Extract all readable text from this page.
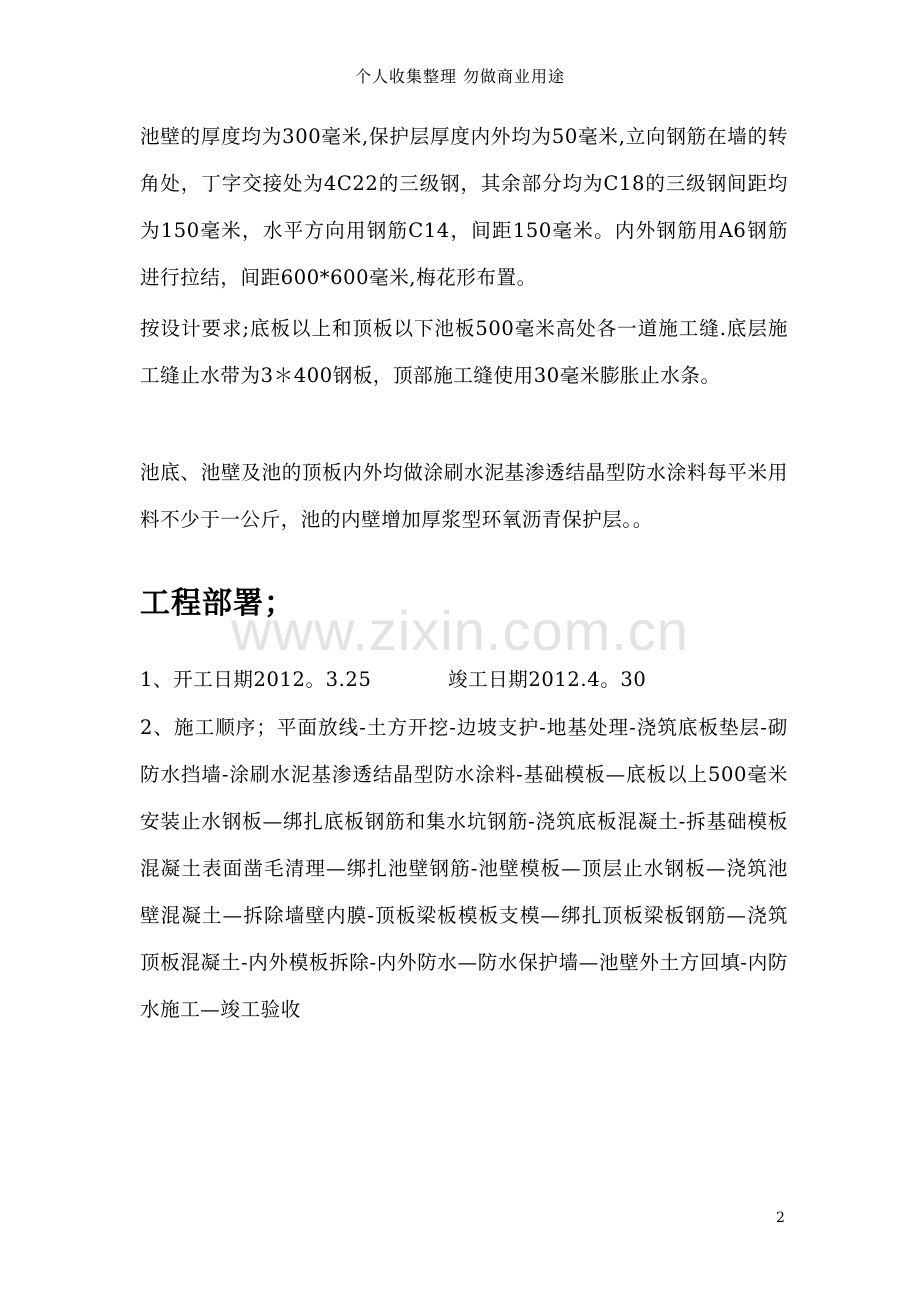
个人收集整理 勿做商业用途
池壁的厚度均为300毫米,保护层厚度内外均为50毫米,立向钢筋在墙的转角处，丁字交接处为4C22的三级钢，其余部分均为C18的三级钢间距均为150毫米，水平方向用钢筋C14，间距150毫米。内外钢筋用A6钢筋进行拉结，间距600*600毫米,梅花形布置。
按设计要求;底板以上和顶板以下池板500毫米高处各一道施工缝.底层施工缝止水带为3＊400钢板，顶部施工缝使用30毫米膨胀止水条。
池底、池壁及池的顶板内外均做涂刷水泥基渗透结晶型防水涂料每平米用料不少于一公斤，池的内壁增加厚浆型环氧沥青保护层。。
www.zixin.com.cn
工程部署；
1、开工日期2012。3.25	竣工日期2012.4。30
2、施工顺序；平面放线-土方开挖-边坡支护-地基处理-浇筑底板垫层-砌防水挡墙-涂刷水泥基渗透结晶型防水涂料-基础模板—底板以上500毫米安装止水钢板—绑扎底板钢筋和集水坑钢筋-浇筑底板混凝土-拆基础模板混凝土表面凿毛清理—绑扎池壁钢筋-池壁模板—顶层止水钢板—浇筑池壁混凝土—拆除墙壁内膜-顶板梁板模板支模—绑扎顶板梁板钢筋—浇筑顶板混凝土-内外模板拆除-内外防水—防水保护墙—池壁外土方回填-内防水施工—竣工验收
2
